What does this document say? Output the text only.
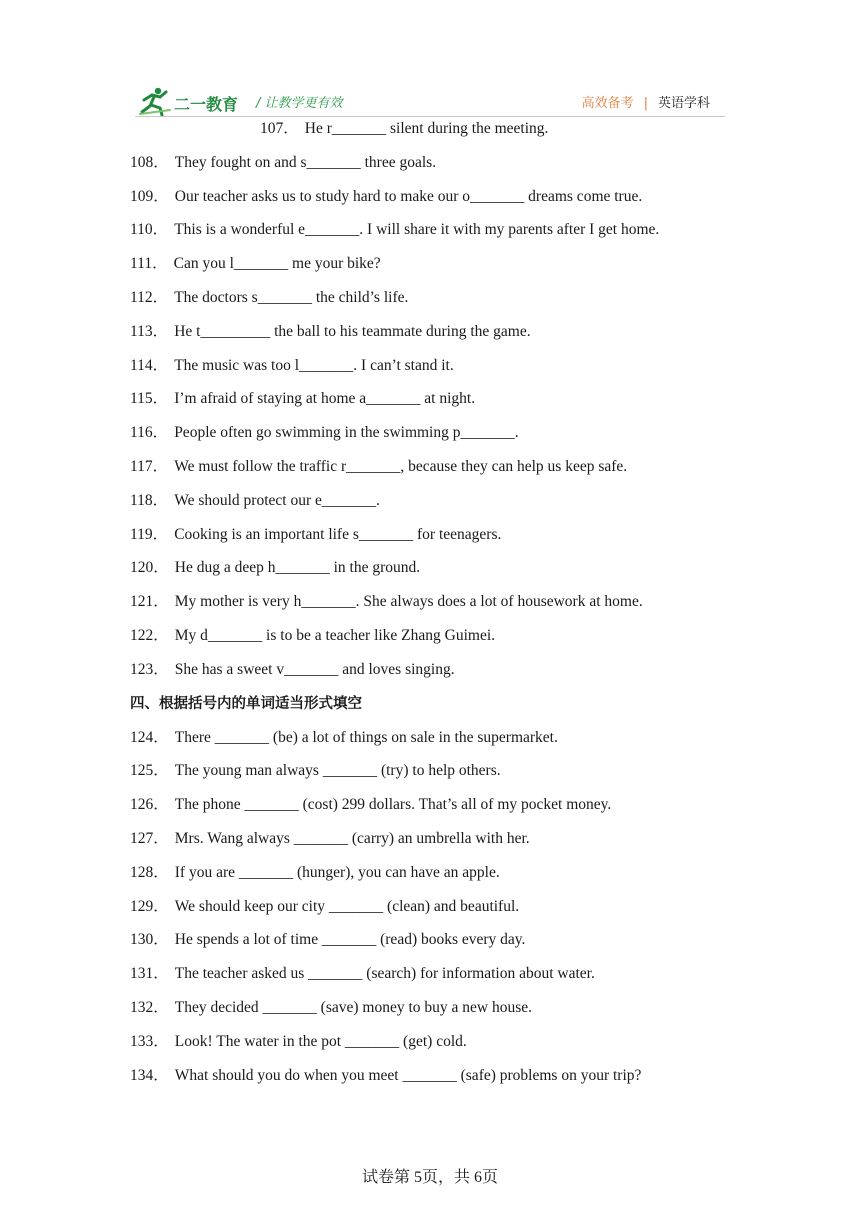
二一教育 / 让教学更有效	高效备考 | 英语学科
107． He r_______ silent during the meeting.
108． They fought on and s_______ three goals.
109． Our teacher asks us to study hard to make our o_______ dreams come true.
110． This is a wonderful e_______. I will share it with my parents after I get home.
111． Can you l_______ me your bike?
112． The doctors s_______ the child’s life.
113． He t_________ the ball to his teammate during the game.
114． The music was too l_______. I can’t stand it.
115． I’m afraid of staying at home a_______ at night.
116． People often go swimming in the swimming p_______.
117． We must follow the traffic r_______, because they can help us keep safe.
118． We should protect our e_______.
119． Cooking is an important life s_______ for teenagers.
120． He dug a deep h_______ in the ground.
121． My mother is very h_______. She always does a lot of housework at home.
122． My d_______ is to be a teacher like Zhang Guimei.
123． She has a sweet v_______ and loves singing.
四、根据括号内的单词适当形式填空
124． There _______ (be) a lot of things on sale in the supermarket.
125． The young man always _______ (try) to help others.
126． The phone _______ (cost) 299 dollars. That’s all of my pocket money.
127． Mrs. Wang always _______ (carry) an umbrella with her.
128． If you are _______ (hunger), you can have an apple.
129． We should keep our city _______ (clean) and beautiful.
130． He spends a lot of time _______ (read) books every day.
131． The teacher asked us _______ (search) for information about water.
132． They decided _______ (save) money to buy a new house.
133． Look! The water in the pot _______ (get) cold.
134． What should you do when you meet _______ (safe) problems on your trip?
试卷第 5页，共 6页
